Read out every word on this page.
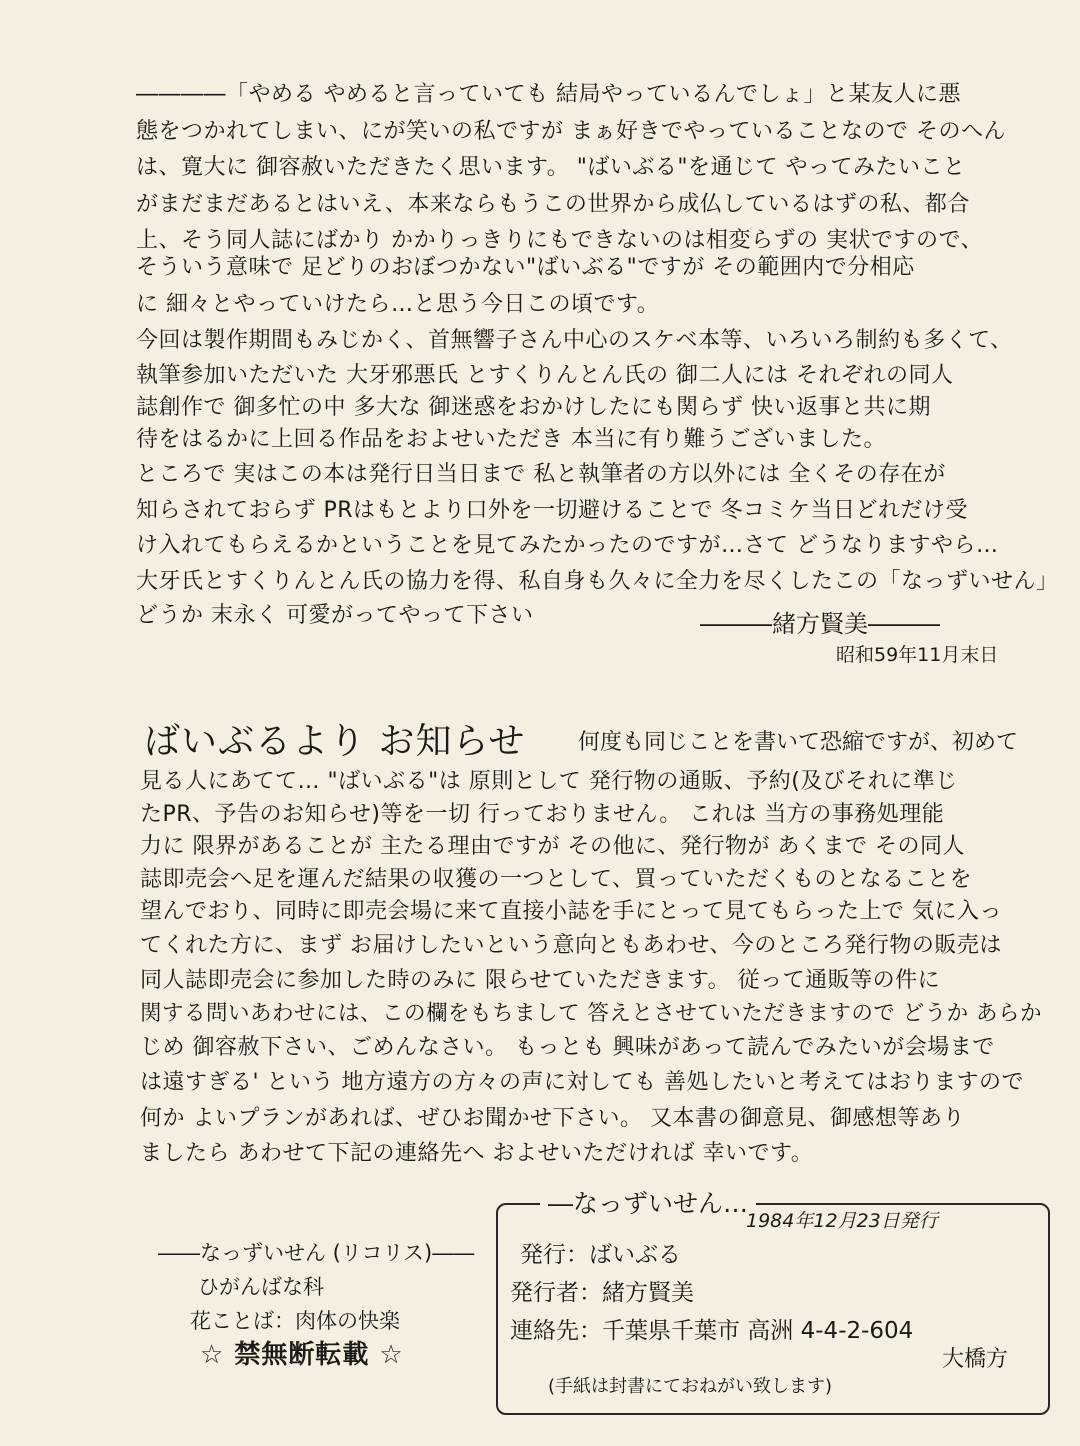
――――「やめる やめると言っていても 結局やっているんでしょ」と某友人に悪
態をつかれてしまい、にが笑いの私ですが まぁ好きでやっていることなので そのへん
は、寛大に 御容赦いただきたく思います。 "ばいぶる"を通じて やってみたいこと
がまだまだあるとはいえ、本来ならもうこの世界から成仏しているはずの私、都合
上、そう同人誌にばかり かかりっきりにもできないのは相変らずの 実状ですので、
そういう意味で 足どりのおぼつかない"ばいぶる"ですが その範囲内で分相応
に 細々とやっていけたら…と思う今日この頃です。
今回は製作期間もみじかく、首無響子さん中心のスケベ本等、いろいろ制約も多くて、
執筆参加いただいた 大牙邪悪氏 とすくりんとん氏の 御二人には それぞれの同人
誌創作で 御多忙の中 多大な 御迷惑をおかけしたにも関らず 快い返事と共に期
待をはるかに上回る作品をおよせいただき 本当に有り難うございました。
ところで 実はこの本は発行日当日まで 私と執筆者の方以外には 全くその存在が
知らされておらず PRはもとより口外を一切避けることで 冬コミケ当日どれだけ受
け入れてもらえるかということを見てみたかったのですが…さて どうなりますやら…
大牙氏とすくりんとん氏の協力を得、私自身も久々に全力を尽くしたこの「なっずいせん」
どうか 末永く 可愛がってやって下さい	―――緒方賢美―――
昭和59年11月末日
ばいぶるより お知らせ 何度も同じことを書いて恐縮ですが、初めて
見る人にあてて… "ばいぶる"は 原則として 発行物の通販、予約(及びそれに準じ
たPR、予告のお知らせ)等を一切 行っておりません。 これは 当方の事務処理能
力に 限界があることが 主たる理由ですが その他に、発行物が あくまで その同人
誌即売会へ足を運んだ結果の収獲の一つとして、買っていただくものとなることを
望んでおり、同時に即売会場に来て直接小誌を手にとって見てもらった上で 気に入っ
てくれた方に、まず お届けしたいという意向ともあわせ、今のところ発行物の販売は
同人誌即売会に参加した時のみに 限らせていただきます。 従って通販等の件に
関する問いあわせには、この欄をもちまして 答えとさせていただきますので どうか あらか
じめ 御容赦下さい、ごめんなさい。 もっとも 興味があって読んでみたいが会場まで
は遠すぎる' という 地方遠方の方々の声に対しても 善処したいと考えてはおりますので
何か よいプランがあれば、ぜひお聞かせ下さい。 又本書の御意見、御感想等あり
ましたら あわせて下記の連絡先へ およせいただければ 幸いです。
――なっずいせん (リコリス)――
ひがんばな科
花ことば：肉体の快楽
☆ 禁無断転載 ☆
―なっずいせん…
1984年12月23日発行
発行：ばいぶる
発行者：緒方賢美
連絡先：千葉県千葉市 高洲 4-4-2-604
大橋方
(手紙は封書にておねがい致します)
